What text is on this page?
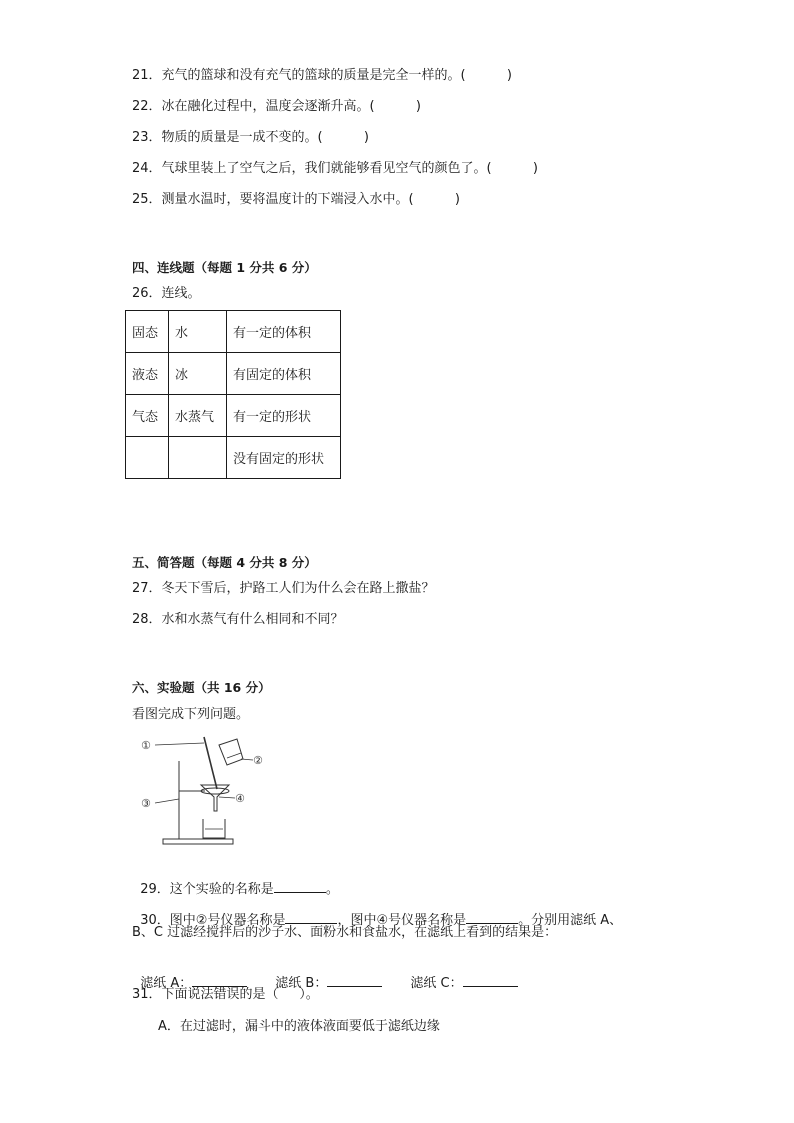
21．充气的篮球和没有充气的篮球的质量是完全一样的。(          )
22．冰在融化过程中，温度会逐渐升高。(          )
23．物质的质量是一成不变的。(          )
24．气球里装上了空气之后，我们就能够看见空气的颜色了。(          )
25．测量水温时，要将温度计的下端浸入水中。(          )
四、连线题（每题 1 分共 6 分）
26．连线。
固态	水	有一定的体积
液态	冰	有固定的体积
气态	水蒸气	有一定的形状
		没有固定的形状
五、简答题（每题 4 分共 8 分）
27．冬天下雪后，护路工人们为什么会在路上撒盐？
28．水和水蒸气有什么相同和不同？
六、实验题（共 16 分）
看图完成下列问题。
①
②
③	④

29．这个实验的名称是	。

30．图中②号仪器名称是	，图中④号仪器名称是	。分别用滤纸 A、

B、C 过滤经搅拌后的沙子水、面粉水和食盐水，在滤纸上看到的结果是：

滤纸 A：	滤纸 B：	滤纸 C：

31．下面说法错误的是（     ）。
A．在过滤时，漏斗中的液体液面要低于滤纸边缘
